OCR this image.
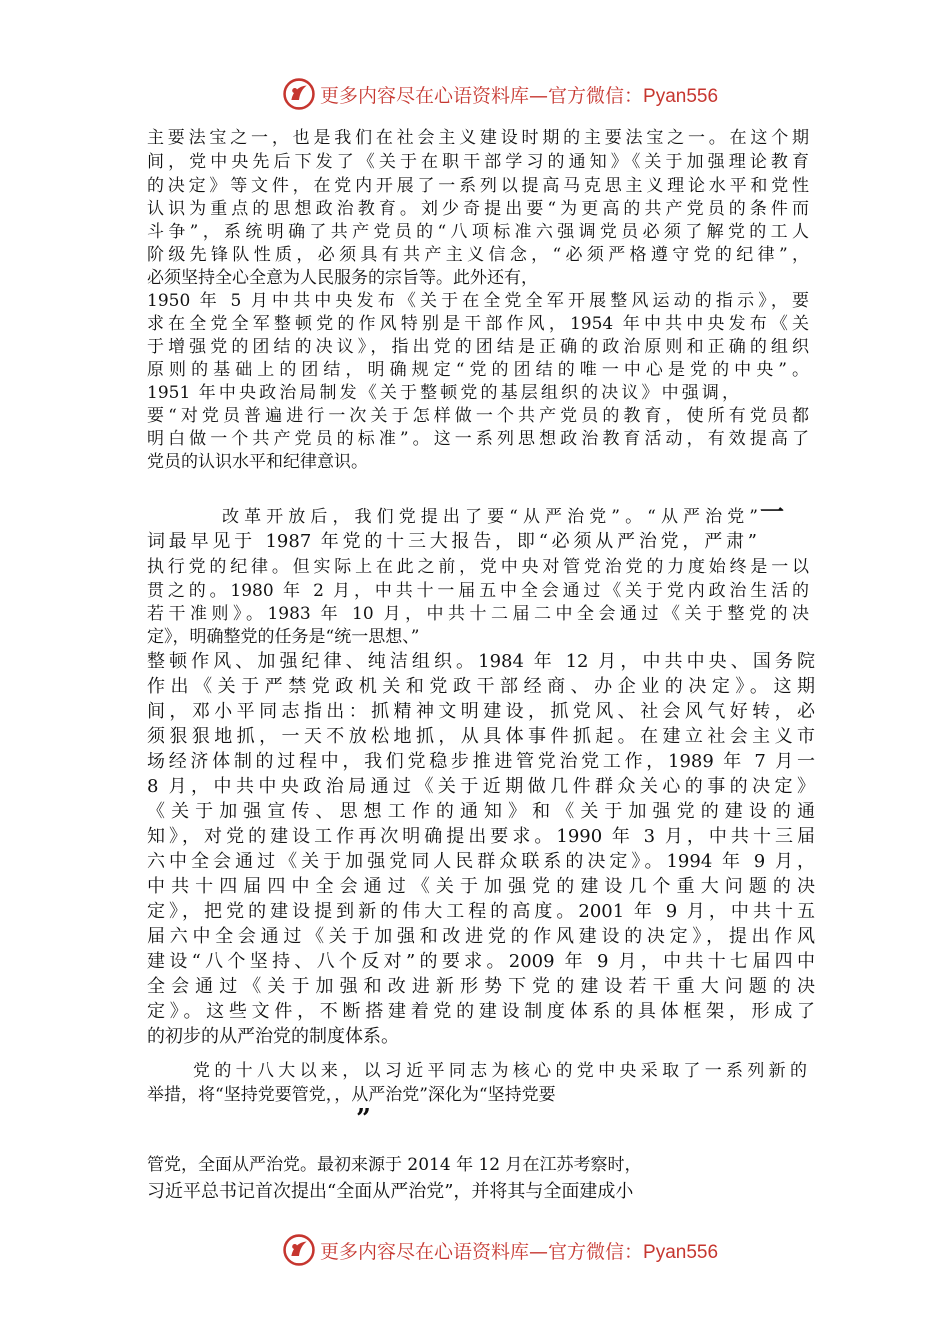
更多内容尽在心语资料库—官方微信：Pyan556
主要法宝之一，也是我们在社会主义建设时期的主要法宝之一。在这个期
间，党中央先后下发了《关于在职干部学习的通知》《关于加强理论教育
的决定》等文件，在党内开展了一系列以提高马克思主义理论水平和党性
认识为重点的思想政治教育。刘少奇提出要“为更高的共产党员的条件而
斗争”，系统明确了共产党员的“八项标准六强调党员必须了解党的工人
阶级先锋队性质，必须具有共产主义信念，“必须严格遵守党的纪律”，
必须坚持全心全意为人民服务的宗旨等。此外还有，
1950 年 5 月中共中央发布《关于在全党全军开展整风运动的指示》，要
求在全党全军整顿党的作风特别是干部作风，1954 年中共中央发布《关
于增强党的团结的决议》，指出党的团结是正确的政治原则和正确的组织
原则的基础上的团结，明确规定“党的团结的唯一中心是党的中央”。
1951 年中央政治局制发《关于整顿党的基层组织的决议》中强调，
要“对党员普遍进行一次关于怎样做一个共产党员的教育，使所有党员都
明白做一个共产党员的标准”。这一系列思想政治教育活动，有效提高了
党员的认识水平和纪律意识。
改革开放后，我们党提出了要“从严治党”。“从严治党” 一
词最早见于 1987 年党的十三大报告，即“必须从严治党，严肃”
执行党的纪律。但实际上在此之前，党中央对管党治党的力度始终是一以
贯之的。1980 年 2 月，中共十一届五中全会通过《关于党内政治生活的
若干准则》。1983 年 10 月，中共十二届二中全会通过《关于整党的决
定》，明确整党的任务是“统一思想、”
整顿作风、加强纪律、纯洁组织。1984 年 12 月，中共中央、国务院
作出《关于严禁党政机关和党政干部经商、办企业的决定》。这期
间，邓小平同志指出：抓精神文明建设，抓党风、社会风气好转，必
须狠狠地抓，一天不放松地抓，从具体事件抓起。在建立社会主义市
场经济体制的过程中，我们党稳步推进管党治党工作，1989 年 7 月一
8 月，中共中央政治局通过《关于近期做几件群众关心的事的决定》
《关于加强宣传、思想工作的通知》和《关于加强党的建设的通
知》，对党的建设工作再次明确提出要求。1990 年 3 月，中共十三届
六中全会通过《关于加强党同人民群众联系的决定》。1994 年 9 月，
中共十四届四中全会通过《关于加强党的建设几个重大问题的决
定》，把党的建设提到新的伟大工程的高度。2001 年 9 月，中共十五
届六中全会通过《关于加强和改进党的作风建设的决定》，提出作风
建设“八个坚持、八个反对”的要求。2009 年 9 月，中共十七届四中
全会通过《关于加强和改进新形势下党的建设若干重大问题的决
定》。这些文件，不断搭建着党的建设制度体系的具体框架，形成了
的初步的从严治党的制度体系。
党的十八大以来，以习近平同志为核心的党中央采取了一系列新的
举措，将“坚持党要管党，，从严治党”深化为“坚持党要
”
管党，全面从严治党。最初来源于 2014 年 12 月在江苏考察时，
习近平总书记首次提出“全面从严治党”，并将其与全面建成小
更多内容尽在心语资料库—官方微信：Pyan556
